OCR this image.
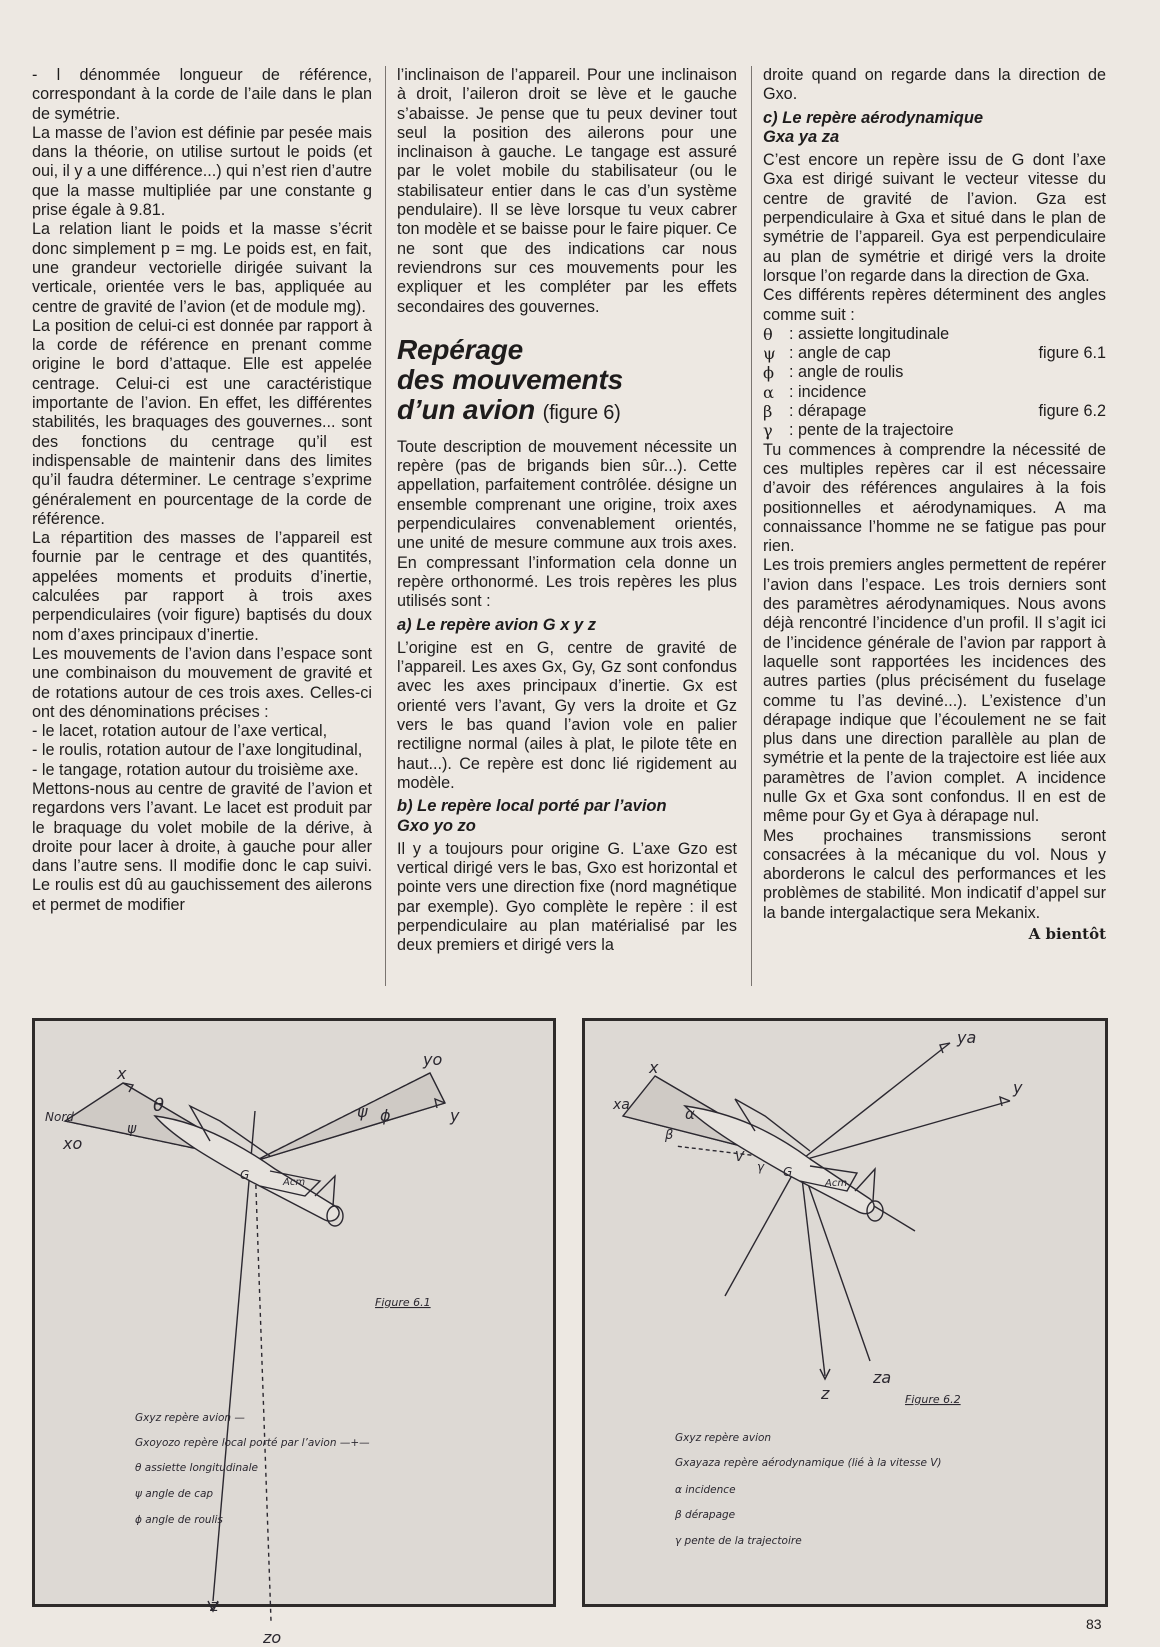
- l dénommée longueur de référence, correspondant à la corde de l’aile dans le plan de symétrie.

La masse de l’avion est définie par pesée mais dans la théorie, on utilise surtout le poids (et oui, il y a une différence...) qui n’est rien d’autre que la masse multipliée par une constante g prise égale à 9.81.

La relation liant le poids et la masse s’écrit donc simplement p = mg. Le poids est, en fait, une grandeur vectorielle dirigée suivant la verticale, orientée vers le bas, appliquée au centre de gravité de l’avion (et de module mg).

La position de celui-ci est donnée par rapport à la corde de référence en prenant comme origine le bord d’attaque. Elle est appelée centrage. Celui-ci est une caractéristique importante de l’avion. En effet, les différentes stabilités, les braquages des gouvernes... sont des fonctions du centrage qu’il est indispensable de maintenir dans des limites qu’il faudra déterminer. Le centrage s’exprime généralement en pourcentage de la corde de référence.

La répartition des masses de l’appareil est fournie par le centrage et des quantités, appelées moments et produits d’inertie, calculées par rapport à trois axes perpendiculaires (voir figure) baptisés du doux nom d’axes principaux d’inertie.

Les mouvements de l’avion dans l’espace sont une combinaison du mouvement de gravité et de rotations autour de ces trois axes. Celles-ci ont des dénominations précises :

- le lacet, rotation autour de l’axe vertical,

- le roulis, rotation autour de l’axe longitudinal,

- le tangage, rotation autour du troisième axe.

Mettons-nous au centre de gravité de l’avion et regardons vers l’avant. Le lacet est produit par le braquage du volet mobile de la dérive, à droite pour lacer à droite, à gauche pour aller dans l’autre sens. Il modifie donc le cap suivi. Le roulis est dû au gauchissement des ailerons et permet de modifier

l’inclinaison de l’appareil. Pour une inclinaison à droit, l’aileron droit se lève et le gauche s’abaisse. Je pense que tu peux deviner tout seul la position des ailerons pour une inclinaison à gauche. Le tangage est assuré par le volet mobile du stabilisateur (ou le stabilisateur entier dans le cas d’un système pendulaire). Il se lève lorsque tu veux cabrer ton modèle et se baisse pour le faire piquer. Ce ne sont que des indications car nous reviendrons sur ces mouvements pour les expliquer et les compléter par les effets secondaires des gouvernes.

Repérage
des mouvements
d’un avion (figure 6)

Toute description de mouvement nécessite un repère (pas de brigands bien sûr...). Cette appellation, parfaitement contrôlée. désigne un ensemble comprenant une origine, troix axes perpendiculaires convenablement orientés, une unité de mesure commune aux trois axes. En compressant l’information cela donne un repère orthonormé. Les trois repères les plus utilisés sont :

a) Le repère avion G x y z

L’origine est en G, centre de gravité de l’appareil. Les axes Gx, Gy, Gz sont confondus avec les axes principaux d’inertie. Gx est orienté vers l’avant, Gy vers la droite et Gz vers le bas quand l’avion vole en palier rectiligne normal (ailes à plat, le pilote tête en haut...). Ce repère est donc lié rigidement au modèle.

b) Le repère local porté par l’avion
Gxo yo zo

Il y a toujours pour origine G. L’axe Gzo est vertical dirigé vers le bas, Gxo est horizontal et pointe vers une direction fixe (nord magnétique par exemple). Gyo complète le repère : il est perpendiculaire au plan matérialisé par les deux premiers et dirigé vers la

droite quand on regarde dans la direction de Gxo.

c) Le repère aérodynamique
Gxa ya za

C’est encore un repère issu de G dont l’axe Gxa est dirigé suivant le vecteur vitesse du centre de gravité de l’avion. Gza est perpendiculaire à Gxa et situé dans le plan de symétrie de l’appareil. Gya est perpendiculaire au plan de symétrie et dirigé vers la droite lorsque l’on regarde dans la direction de Gxa.

Ces différents repères déterminent des angles comme suit :

θ	: assiette longitudinale
ψ : angle de cap	figure 6.1
ϕ : angle de roulis
α : incidence
β	: dérapage	figure 6.2
γ	: pente de la trajectoire

Tu commences à comprendre la nécessité de ces multiples repères car il est nécessaire d’avoir des références angulaires à la fois positionnelles et aérodynamiques. A ma connaissance l’homme ne se fatigue pas pour rien.

Les trois premiers angles permettent de repérer l’avion dans l’espace. Les trois derniers sont des paramètres aérodynamiques. Nous avons déjà rencontré l’incidence d’un profil. Il s’agit ici de l’incidence générale de l’avion par rapport à laquelle sont rapportées les incidences des autres parties (plus précisément du fuselage comme tu l’as deviné...). L’existence d’un dérapage indique que l’écoulement ne se fait plus dans une direction parallèle au plan de symétrie et la pente de la trajectoire est liée aux paramètres de l’avion complet. A incidence nulle Gx et Gxa sont confondus. Il en est de même pour Gy et Gya à dérapage nul.

Mes prochaines transmissions seront consacrées à la mécanique du vol. Nous y aborderons le calcul des performances et les problèmes de stabilité. Mon indicatif d’appel sur la bande intergalactique sera Mekanix.

A bientôt
x
Nord
xo
yo
y
G
Acm
θ
ψ
ψ ϕ
z
zo
Figure 6.1
Gxyz repère avion —
Gxoyozo repère local porté par l’avion —+—
θ assiette longitudinale
ψ angle de cap
ϕ angle de roulis
x
xa
ya
y
V
G
Acm
α
β
γ
z
za
Figure 6.2
Gxyz repère avion
Gxayaza repère aérodynamique (lié à la vitesse V)
α incidence
β dérapage
γ pente de la trajectoire
83
